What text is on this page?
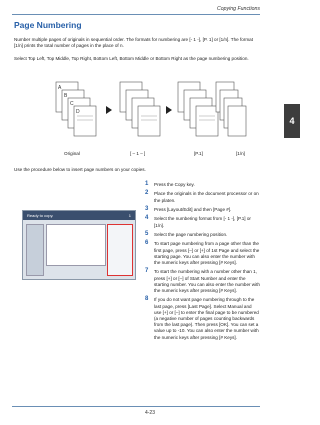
Copying Functions
4
Page Numbering

Number multiple pages of originals in sequential order. The formats for numbering are [- 1 -], [P. 1] or [1/n]. The format [1/n] prints the total number of pages in the place of n.

Select Top Left, Top Middle, Top Right, Bottom Left, Bottom Middle or Bottom Right as the page numbering position.

A
B
C
D
Original	[ – 1 – ]	[P.1]	[1/n]

Use the procedure below to insert page numbers on your copies.

Ready to copy.	1
1 Press the Copy key.
2 Place the originals in the document processor or on the platen.
3 Press [Layout/Edit] and then [Page #].
4 Select the numbering format from [- 1 -], [P.1] or [1/n].
5 Select the page numbering position.
6 To start page numbering from a page other than the first page, press [–] or [+] of 1st Page and select the starting page. You can also enter the number with the numeric keys after pressing [# Keys].
7 To start the numbering with a number other than 1, press [+] or [–] of Start Number and enter the starting number. You can also enter the number with the numeric keys after pressing [# Keys].
8 If you do not want page numbering through to the last page, press [Last Page]. Select Manual and use [+] or [–] to enter the final page to be numbered (a negative number of pages counting backwards from the last page). Then press [OK]. You can set a value up to -10. You can also enter the number with the numeric keys after pressing [# Keys].
4-23
